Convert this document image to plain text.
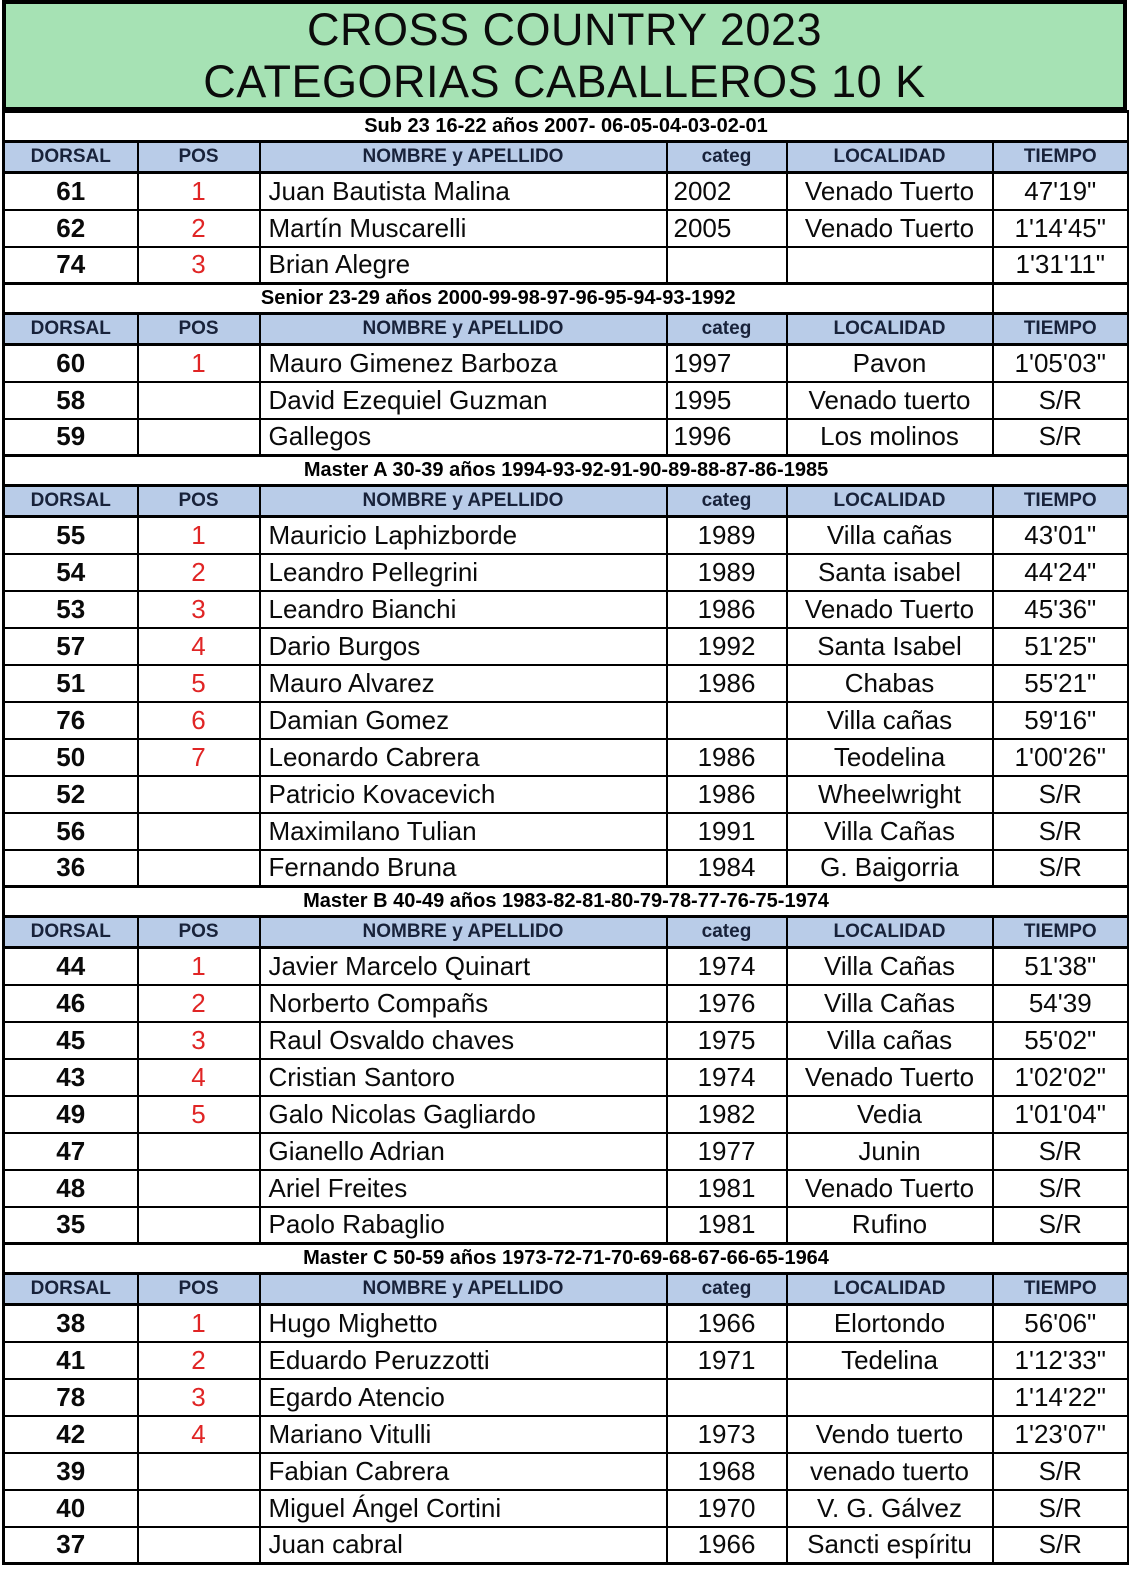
CROSS COUNTRY 2023
CATEGORIAS CABALLEROS 10 K
Sub 23 16-22 años 2007- 06-05-04-03-02-01					
DORSAL	POS	NOMBRE y APELLIDO	categ	LOCALIDAD	TIEMPO
61	1	Juan Bautista Malina	2002	Venado Tuerto	47'19"
62	2	Martín Muscarelli	2005	Venado Tuerto	1'14'45"
74	3	Brian Alegre			1'31'11"
Senior 23-29 años 2000-99-98-97-96-95-94-93-1992					
DORSAL	POS	NOMBRE y APELLIDO	categ	LOCALIDAD	TIEMPO
60	1	Mauro Gimenez Barboza	1997	Pavon	1'05'03"
58		David Ezequiel Guzman	1995	Venado tuerto	S/R
59		Gallegos	1996	Los molinos	S/R
Master A 30-39 años 1994-93-92-91-90-89-88-87-86-1985					
DORSAL	POS	NOMBRE y APELLIDO	categ	LOCALIDAD	TIEMPO
55	1	Mauricio Laphizborde	1989	Villa cañas	43'01"
54	2	Leandro Pellegrini	1989	Santa isabel	44'24"
53	3	Leandro Bianchi	1986	Venado Tuerto	45'36"
57	4	Dario Burgos	1992	Santa Isabel	51'25"
51	5	Mauro Alvarez	1986	Chabas	55'21"
76	6	Damian Gomez		Villa cañas	59'16"
50	7	Leonardo Cabrera	1986	Teodelina	1'00'26"
52		Patricio Kovacevich	1986	Wheelwright	S/R
56		Maximilano Tulian	1991	Villa Cañas	S/R
36		Fernando Bruna	1984	G. Baigorria	S/R
Master B 40-49 años 1983-82-81-80-79-78-77-76-75-1974					
DORSAL	POS	NOMBRE y APELLIDO	categ	LOCALIDAD	TIEMPO
44	1	Javier Marcelo Quinart	1974	Villa Cañas	51'38"
46	2	Norberto Compañs	1976	Villa Cañas	54'39
45	3	Raul Osvaldo chaves	1975	Villa cañas	55'02"
43	4	Cristian Santoro	1974	Venado Tuerto	1'02'02"
49	5	Galo Nicolas Gagliardo	1982	Vedia	1'01'04"
47		Gianello Adrian	1977	Junin	S/R
48		Ariel Freites	1981	Venado Tuerto	S/R
35		Paolo Rabaglio	1981	Rufino	S/R
Master C 50-59 años 1973-72-71-70-69-68-67-66-65-1964					
DORSAL	POS	NOMBRE y APELLIDO	categ	LOCALIDAD	TIEMPO
38	1	Hugo Mighetto	1966	Elortondo	56'06"
41	2	Eduardo Peruzzotti	1971	Tedelina	1'12'33"
78	3	Egardo Atencio			1'14'22"
42	4	Mariano Vitulli	1973	Vendo tuerto	1'23'07"
39		Fabian Cabrera	1968	venado tuerto	S/R
40		Miguel Ángel Cortini	1970	V. G. Gálvez	S/R
37		Juan cabral	1966	Sancti espíritu	S/R
